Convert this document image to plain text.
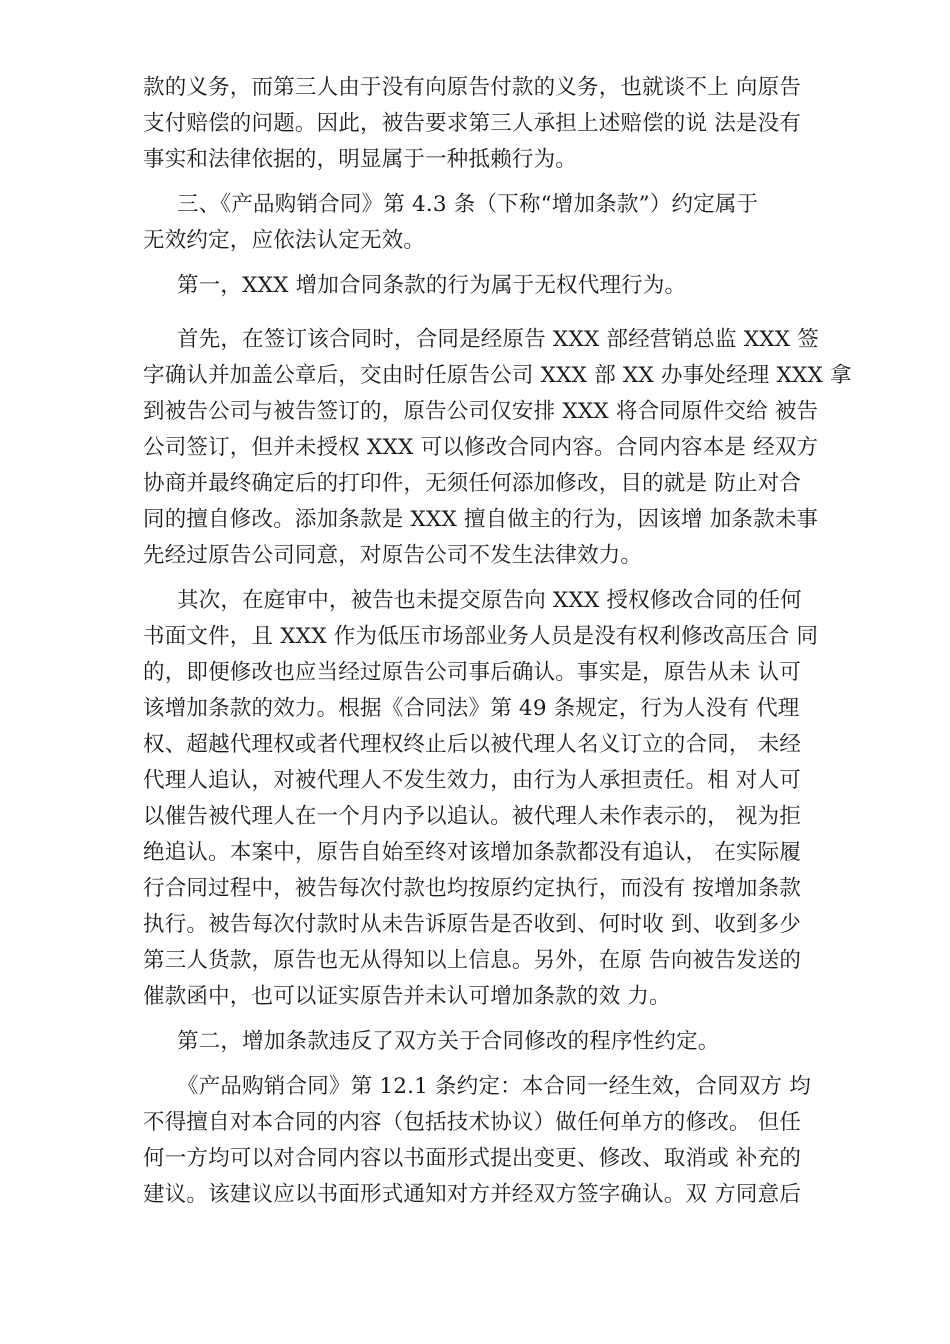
款的义务，而第三人由于没有向原告付款的义务，也就谈不上 向原告
支付赔偿的问题。因此，被告要求第三人承担上述赔偿的说 法是没有
事实和法律依据的，明显属于一种抵赖行为。
三、《产品购销合同》第 4.3 条（下称“增加条款”）约定属于
无效约定，应依法认定无效。
第一，XXX 增加合同条款的行为属于无权代理行为。
首先，在签订该合同时，合同是经原告 XXX 部经营销总监 XXX 签
字确认并加盖公章后，交由时任原告公司 XXX 部 XX 办事处经理 XXX 拿
到被告公司与被告签订的，原告公司仅安排 XXX 将合同原件交给 被告
公司签订，但并未授权 XXX 可以修改合同内容。合同内容本是 经双方
协商并最终确定后的打印件，无须任何添加修改，目的就是 防止对合
同的擅自修改。添加条款是 XXX 擅自做主的行为，因该增 加条款未事
先经过原告公司同意，对原告公司不发生法律效力。
其次，在庭审中，被告也未提交原告向 XXX 授权修改合同的任何
书面文件，且 XXX 作为低压市场部业务人员是没有权利修改高压合 同
的，即便修改也应当经过原告公司事后确认。事实是，原告从未 认可
该增加条款的效力。根据《合同法》第 49 条规定，行为人没有 代理
权、超越代理权或者代理权终止后以被代理人名义订立的合同， 未经
代理人追认，对被代理人不发生效力，由行为人承担责任。相 对人可
以催告被代理人在一个月内予以追认。被代理人未作表示的， 视为拒
绝追认。本案中，原告自始至终对该增加条款都没有追认， 在实际履
行合同过程中，被告每次付款也均按原约定执行，而没有 按增加条款
执行。被告每次付款时从未告诉原告是否收到、何时收 到、收到多少
第三人货款，原告也无从得知以上信息。另外，在原 告向被告发送的
催款函中，也可以证实原告并未认可增加条款的效 力。
第二，增加条款违反了双方关于合同修改的程序性约定。
《产品购销合同》第 12.1 条约定：本合同一经生效，合同双方 均
不得擅自对本合同的内容（包括技术协议）做任何单方的修改。 但任
何一方均可以对合同内容以书面形式提出变更、修改、取消或 补充的
建议。该建议应以书面形式通知对方并经双方签字确认。双 方同意后
